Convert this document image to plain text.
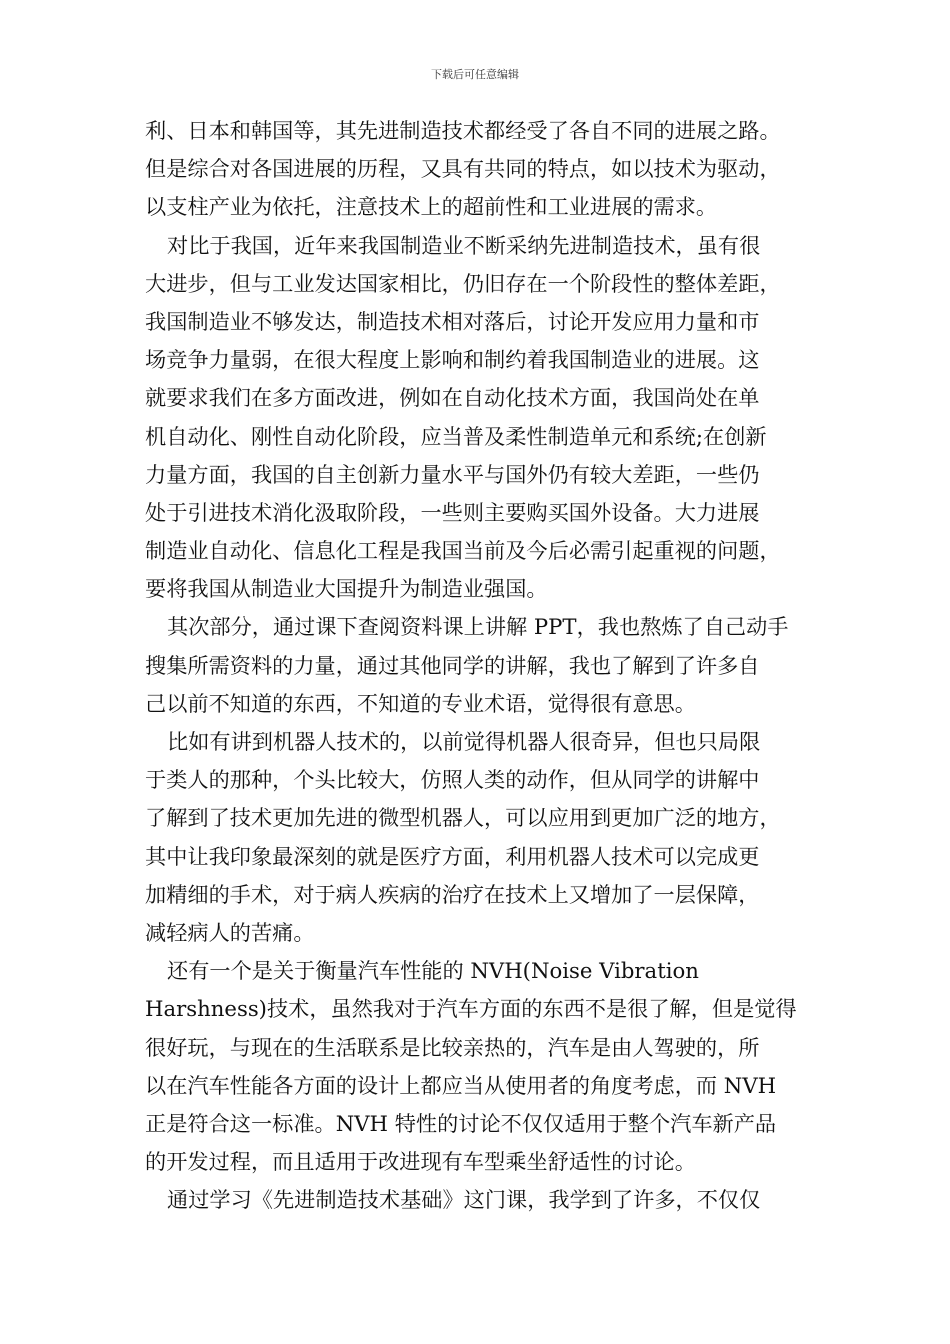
下载后可任意编辑
利、日本和韩国等，其先进制造技术都经受了各自不同的进展之路。
但是综合对各国进展的历程，又具有共同的特点，如以技术为驱动，
以支柱产业为依托，注意技术上的超前性和工业进展的需求。
对比于我国，近年来我国制造业不断采纳先进制造技术，虽有很
大进步，但与工业发达国家相比，仍旧存在一个阶段性的整体差距，
我国制造业不够发达，制造技术相对落后，讨论开发应用力量和市
场竞争力量弱，在很大程度上影响和制约着我国制造业的进展。这
就要求我们在多方面改进，例如在自动化技术方面，我国尚处在单
机自动化、刚性自动化阶段，应当普及柔性制造单元和系统;在创新
力量方面，我国的自主创新力量水平与国外仍有较大差距，一些仍
处于引进技术消化汲取阶段，一些则主要购买国外设备。大力进展
制造业自动化、信息化工程是我国当前及今后必需引起重视的问题，
要将我国从制造业大国提升为制造业强国。
其次部分，通过课下查阅资料课上讲解 PPT，我也熬炼了自己动手
搜集所需资料的力量，通过其他同学的讲解，我也了解到了许多自
己以前不知道的东西，不知道的专业术语，觉得很有意思。
比如有讲到机器人技术的，以前觉得机器人很奇异，但也只局限
于类人的那种，个头比较大，仿照人类的动作，但从同学的讲解中
了解到了技术更加先进的微型机器人，可以应用到更加广泛的地方，
其中让我印象最深刻的就是医疗方面，利用机器人技术可以完成更
加精细的手术，对于病人疾病的治疗在技术上又增加了一层保障，
减轻病人的苦痛。
还有一个是关于衡量汽车性能的 NVH(Noise Vibration
Harshness)技术，虽然我对于汽车方面的东西不是很了解，但是觉得
很好玩，与现在的生活联系是比较亲热的，汽车是由人驾驶的，所
以在汽车性能各方面的设计上都应当从使用者的角度考虑，而 NVH
正是符合这一标准。NVH 特性的讨论不仅仅适用于整个汽车新产品
的开发过程，而且适用于改进现有车型乘坐舒适性的讨论。
通过学习《先进制造技术基础》这门课，我学到了许多，不仅仅
